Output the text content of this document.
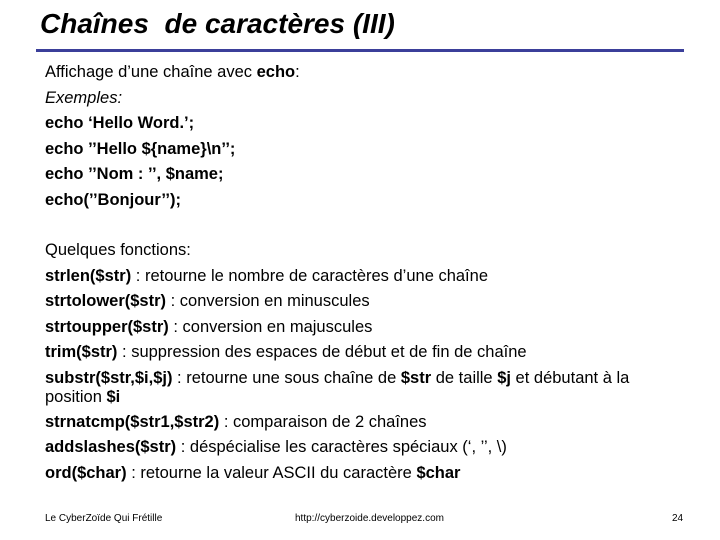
Chaînes  de caractères (III)
Affichage d’une chaîne avec echo:
Exemples:
echo ‘Hello Word.’;
echo ’’Hello ${name}\n’’;
echo ’’Nom : ’’, $name;
echo(’’Bonjour’’);
Quelques fonctions:
strlen($str) : retourne le nombre de caractères d’une chaîne
strtolower($str) : conversion en minuscules
strtoupper($str) : conversion en majuscules
trim($str) : suppression des espaces de début et de fin de chaîne
substr($str,$i,$j) : retourne une sous chaîne de $str de taille $j et débutant à la position $i
strnatcmp($str1,$str2) : comparaison de 2 chaînes
addslashes($str) : déspécialise les caractères spéciaux (‘, ’’, \)
ord($char) : retourne la valeur ASCII du caractère $char
Le CyberZoïde Qui Frétille	http://cyberzoide.developpez.com	24
